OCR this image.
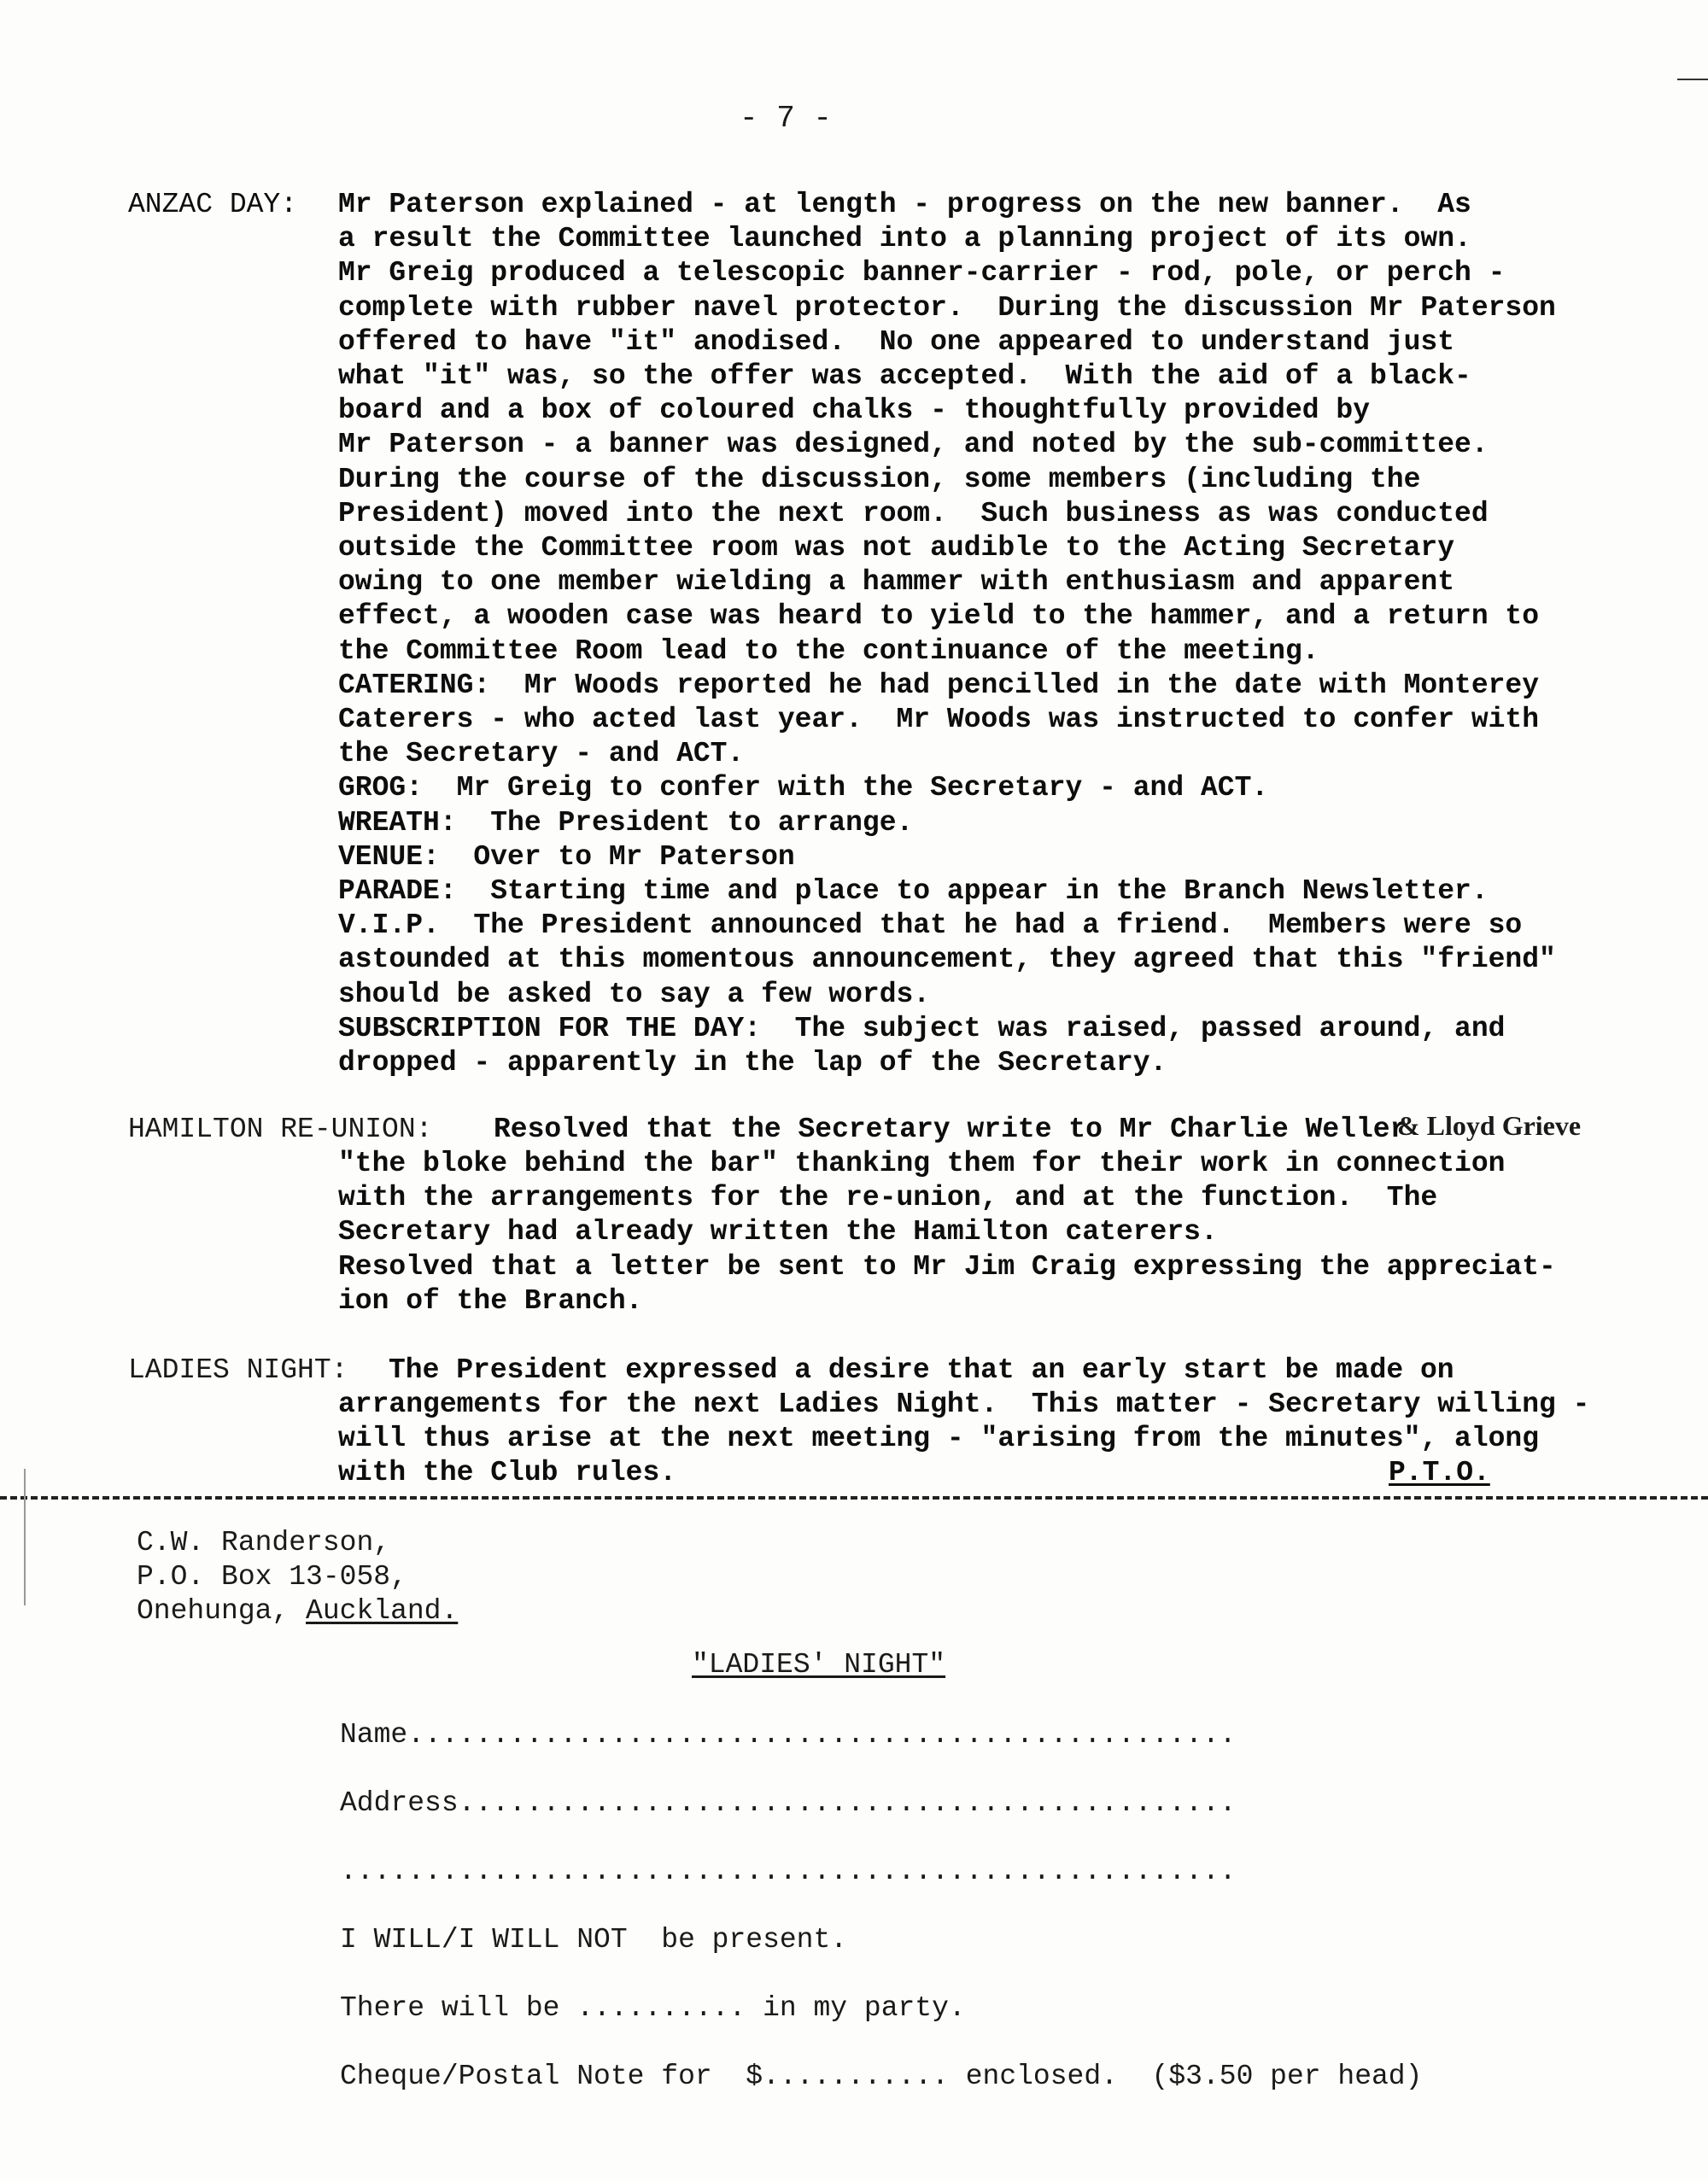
- 7 -
ANZAC DAY: Mr Paterson explained - at length - progress on the new banner.  As
a result the Committee launched into a planning project of its own.
Mr Greig produced a telescopic banner-carrier - rod, pole, or perch -
complete with rubber navel protector.  During the discussion Mr Paterson
offered to have "it" anodised.  No one appeared to understand just
what "it" was, so the offer was accepted.  With the aid of a black-
board and a box of coloured chalks - thoughtfully provided by
Mr Paterson - a banner was designed, and noted by the sub-committee.
During the course of the discussion, some members (including the
President) moved into the next room.  Such business as was conducted
outside the Committee room was not audible to the Acting Secretary
owing to one member wielding a hammer with enthusiasm and apparent
effect, a wooden case was heard to yield to the hammer, and a return to
the Committee Room lead to the continuance of the meeting.
CATERING:  Mr Woods reported he had pencilled in the date with Monterey
Caterers - who acted last year.  Mr Woods was instructed to confer with
the Secretary - and ACT.
GROG:  Mr Greig to confer with the Secretary - and ACT.
WREATH:  The President to arrange.
VENUE:  Over to Mr Paterson
PARADE:  Starting time and place to appear in the Branch Newsletter.
V.I.P.  The President announced that he had a friend.  Members were so
astounded at this momentous announcement, they agreed that this "friend"
should be asked to say a few words.
SUBSCRIPTION FOR THE DAY:  The subject was raised, passed around, and
dropped - apparently in the lap of the Secretary.
HAMILTON RE-UNION: Resolved that the Secretary write to Mr Charlie Weller
& Lloyd Grieve
"the bloke behind the bar" thanking them for their work in connection
with the arrangements for the re-union, and at the function.  The
Secretary had already written the Hamilton caterers.
Resolved that a letter be sent to Mr Jim Craig expressing the appreciat-
ion of the Branch.
LADIES NIGHT: The President expressed a desire that an early start be made on
arrangements for the next Ladies Night.  This matter - Secretary willing -
will thus arise at the next meeting - "arising from the minutes", along
with the Club rules.	P.T.O.
C.W. Randerson,
P.O. Box 13-058,
Onehunga, Auckland.
"LADIES' NIGHT"
Name.................................................
Address..............................................
.....................................................
I WILL/I WILL NOT  be present.
There will be .......... in my party.
Cheque/Postal Note for  $........... enclosed.  ($3.50 per head)
